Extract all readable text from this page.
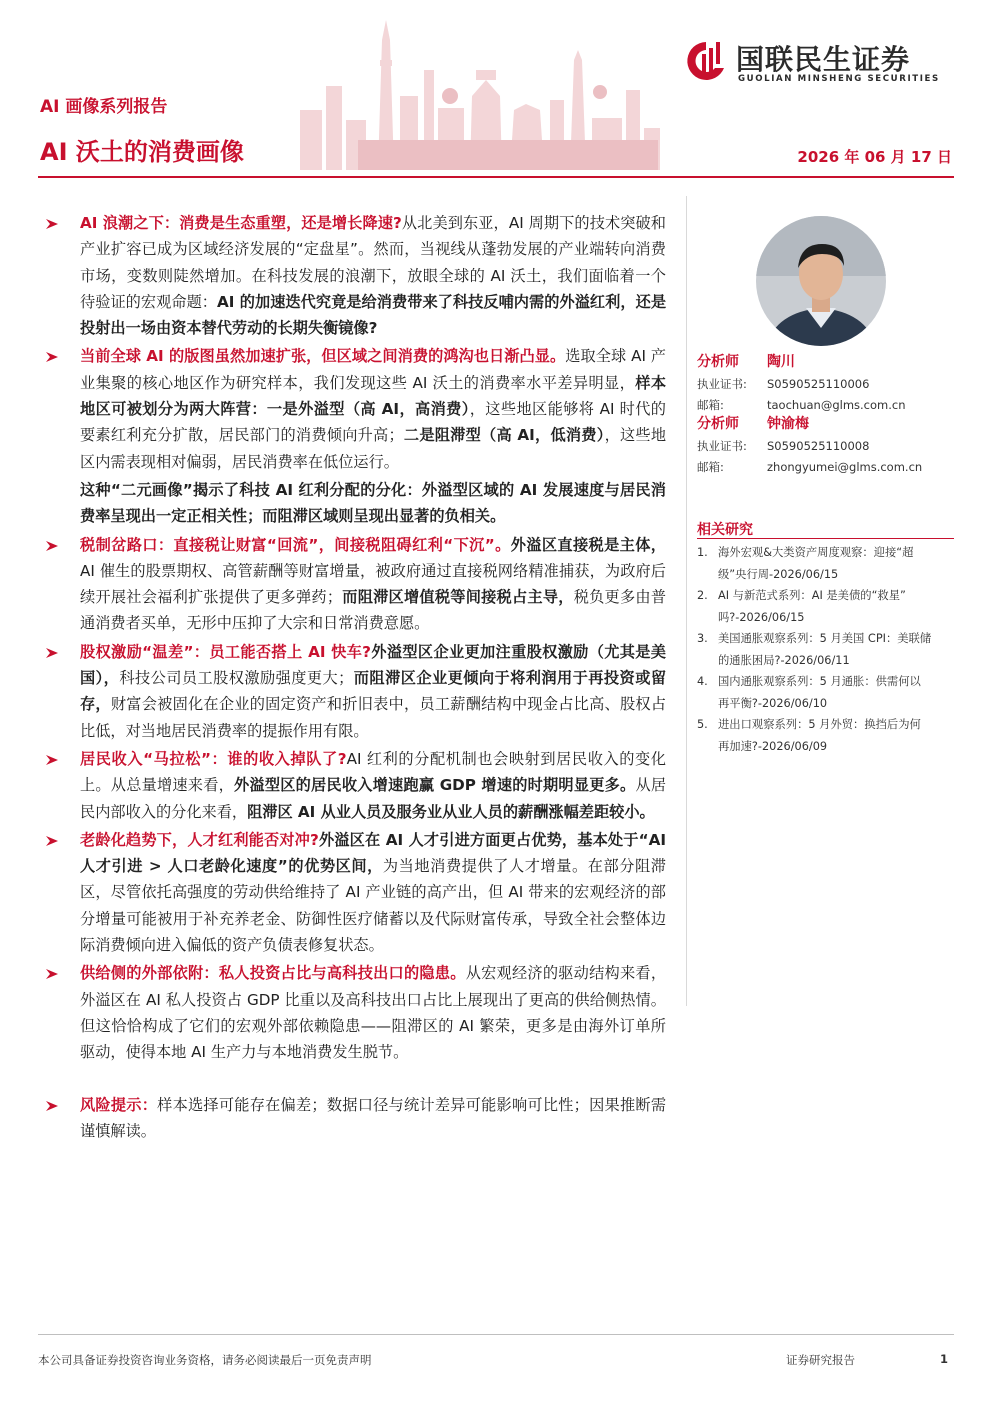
国联民生证券
GUOLIAN MINSHENG SECURITIES
AI 画像系列报告
AI 沃土的消费画像	2026 年 06 月 17 日

AI 浪潮之下：消费是生态重塑，还是增长降速?从北美到东亚，AI 周期下的技术突破和产业扩容已成为区域经济发展的“定盘星”。然而，当视线从蓬勃发展的产业端转向消费市场，变数则陡然增加。在科技发展的浪潮下，放眼全球的 AI 沃土，我们面临着一个待验证的宏观命题：AI 的加速迭代究竟是给消费带来了科技反哺内需的外溢红利，还是投射出一场由资本替代劳动的长期失衡镜像?

当前全球 AI 的版图虽然加速扩张，但区域之间消费的鸿沟也日渐凸显。选取全球 AI 产业集聚的核心地区作为研究样本，我们发现这些 AI 沃土的消费率水平差异明显，样本地区可被划分为两大阵营：一是外溢型（高 AI，高消费），这些地区能够将 AI 时代的要素红利充分扩散，居民部门的消费倾向升高；二是阻滞型（高 AI，低消费），这些地区内需表现相对偏弱，居民消费率在低位运行。

这种“二元画像”揭示了科技 AI 红利分配的分化：外溢型区域的 AI 发展速度与居民消费率呈现出一定正相关性；而阻滞区域则呈现出显著的负相关。

税制岔路口：直接税让财富“回流”，间接税阻碍红利“下沉”。外溢区直接税是主体，AI 催生的股票期权、高管薪酬等财富增量，被政府通过直接税网络精准捕获，为政府后续开展社会福利扩张提供了更多弹药；而阻滞区增值税等间接税占主导，税负更多由普通消费者买单，无形中压抑了大宗和日常消费意愿。

股权激励“温差”：员工能否搭上 AI 快车?外溢型区企业更加注重股权激励（尤其是美国），科技公司员工股权激励强度更大；而阻滞区企业更倾向于将利润用于再投资或留存，财富会被固化在企业的固定资产和折旧表中，员工薪酬结构中现金占比高、股权占比低，对当地居民消费率的提振作用有限。

居民收入“马拉松”：谁的收入掉队了?AI 红利的分配机制也会映射到居民收入的变化上。从总量增速来看，外溢型区的居民收入增速跑赢 GDP 增速的时期明显更多。从居民内部收入的分化来看，阻滞区 AI 从业人员及服务业从业人员的薪酬涨幅差距较小。

老龄化趋势下，人才红利能否对冲?外溢区在 AI 人才引进方面更占优势，基本处于“AI 人才引进 > 人口老龄化速度”的优势区间，为当地消费提供了人才增量。在部分阻滞区，尽管依托高强度的劳动供给维持了 AI 产业链的高产出，但 AI 带来的宏观经济的部分增量可能被用于补充养老金、防御性医疗储蓄以及代际财富传承，导致全社会整体边际消费倾向进入偏低的资产负债表修复状态。

供给侧的外部依附：私人投资占比与高科技出口的隐患。从宏观经济的驱动结构来看，外溢区在 AI 私人投资占 GDP 比重以及高科技出口占比上展现出了更高的供给侧热情。但这恰恰构成了它们的宏观外部依赖隐患——阻滞区的 AI 繁荣，更多是由海外订单所驱动，使得本地 AI 生产力与本地消费发生脱节。

风险提示：样本选择可能存在偏差；数据口径与统计差异可能影响可比性；因果推断需谨慎解读。

分析师 陶川
执业证书: S0590525110006
邮箱:	taochuan@glms.com.cn
分析师 钟渝梅
执业证书: S0590525110008
邮箱:	zhongyumei@glms.com.cn
相关研究
1. 海外宏观&大类资产周度观察：迎接“超
级”央行周-2026/06/15
2. AI 与新范式系列：AI 是美债的“救星”
吗?-2026/06/15
3. 美国通胀观察系列：5 月美国 CPI：美联储
的通胀困局?-2026/06/11
4. 国内通胀观察系列：5 月通胀：供需何以
再平衡?-2026/06/10
5. 进出口观察系列：5 月外贸：换挡后为何
再加速?-2026/06/09
本公司具备证券投资咨询业务资格，请务必阅读最后一页免责声明	证券研究报告	1
